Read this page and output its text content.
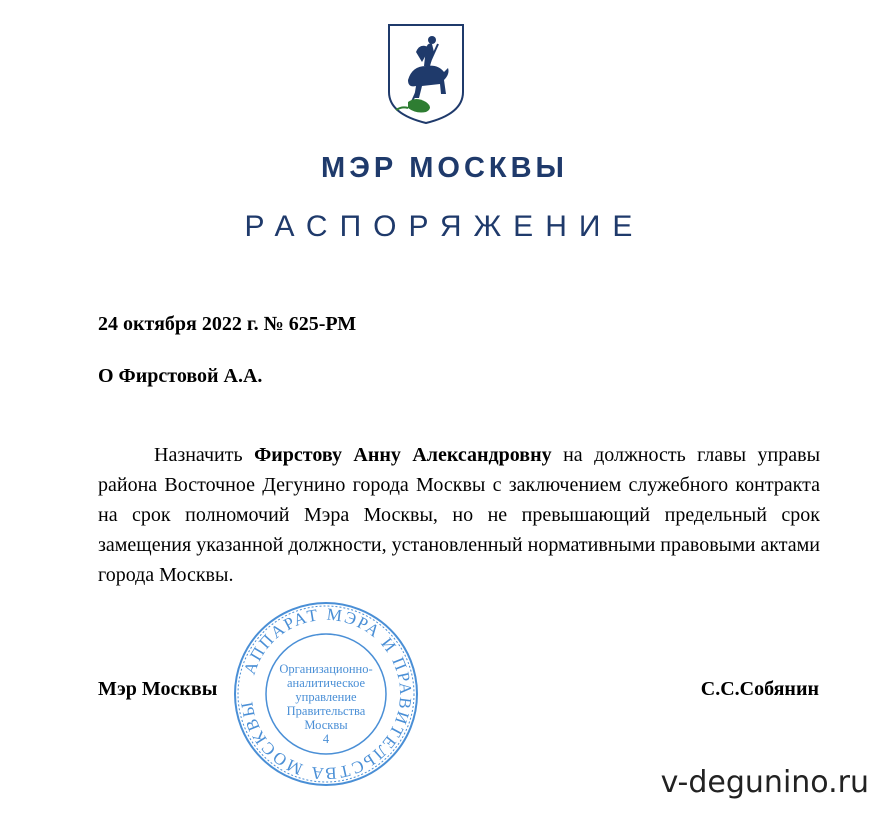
МЭР МОСКВЫ
РАСПОРЯЖЕНИЕ
24 октября 2022 г. № 625-РМ
О Фирстовой А.А.
Назначить Фирстову Анну Александровну на должность главы управы района Восточное Дегунино города Москвы с заключением служебного контракта на срок полномочий Мэра Москвы, но не превышающий предельный срок замещения указанной должности, установленный нормативными правовыми актами города Москвы.
Мэр Москвы	С.С.Собянин
АППАРАТ МЭРА И ПРАВИТЕЛЬСТВА МОСКВЫ
Организационно-
аналитическое
управление
Правительства
Москвы
4
v-degunino.ru
